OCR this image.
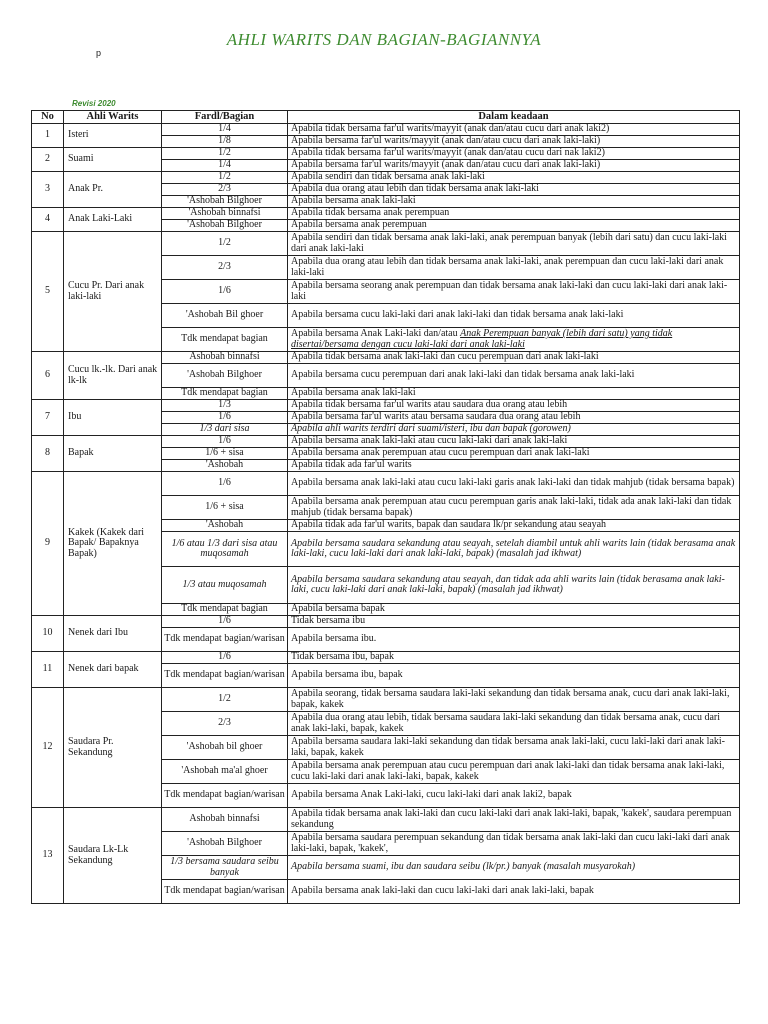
AHLI WARITS DAN BAGIAN-BAGIANNYA
p
Revisi 2020
No	Ahli Warits	Fardl/Bagian	Dalam keadaan
1	Isteri	1/4	Apabila tidak bersama far'ul warits/mayyit (anak dan/atau cucu dari anak laki2)
		1/8	Apabila bersama far'ul warits/mayyit (anak dan/atau cucu dari anak laki-laki)
2	Suami	1/2	Apabila tidak bersama far'ul warits/mayyit (anak dan/atau cucu dari nak laki2)
		1/4	Apabila bersama far'ul warits/mayyit (anak dan/atau cucu dari anak laki-laki)
3	Anak Pr.	1/2	Apabila sendiri dan tidak bersama anak laki-laki
		2/3	Apabila dua orang atau lebih dan tidak bersama anak laki-laki
		'Ashobah Bilghoer	Apabila bersama anak laki-laki
4	Anak Laki-Laki	'Ashobah binnafsi	Apabila tidak bersama anak perempuan
		'Ashobah Bilghoer	Apabila bersama anak perempuan
5	Cucu Pr. Dari anak laki-laki	1/2	Apabila sendiri dan tidak bersama anak laki-laki, anak perempuan banyak (lebih dari satu) dan cucu laki-laki dari anak laki-laki
		2/3	Apabila dua orang atau lebih dan tidak bersama anak laki-laki, anak perempuan dan cucu laki-laki dari anak laki-laki
		1/6	Apabila bersama seorang anak perempuan dan tidak bersama anak laki-laki dan cucu laki-laki dari anak laki-laki
		'Ashobah Bil ghoer	Apabila bersama cucu laki-laki dari anak laki-laki dan tidak bersama anak laki-laki
		Tdk mendapat bagian	Apabila bersama Anak Laki-laki dan/atau Anak Perempuan banyak (lebih dari satu) yang tidak disertai/bersama dengan cucu laki-laki dari anak laki-laki
6	Cucu lk.-lk. Dari anak lk-lk	Ashobah binnafsi	Apabila tidak bersama anak laki-laki dan cucu perempuan dari anak laki-laki
		'Ashobah Bilghoer	Apabila bersama cucu perempuan dari anak laki-laki dan tidak bersama anak laki-laki
		Tdk mendapat bagian	Apabila bersama anak laki-laki
7	Ibu	1/3	Apabila tidak bersama far'ul warits atau saudara dua orang atau lebih
		1/6	Apabila bersama far'ul warits atau bersama saudara dua orang atau lebih
		1/3 dari sisa	Apabila ahli warits terdiri dari suami/isteri, ibu dan bapak (gorowen)
8	Bapak	1/6	Apabila bersama anak laki-laki atau cucu laki-laki dari anak laki-laki
		1/6 + sisa	Apabila bersama anak perempuan atau cucu perempuan dari anak laki-laki
		'Ashobah	Apabila tidak ada far'ul warits
9	Kakek (Kakek dari Bapak/ Bapaknya Bapak)	1/6	Apabila bersama anak laki-laki atau cucu laki-laki garis anak laki-laki dan tidak mahjub (tidak bersama bapak)
		1/6 + sisa	Apabila bersama anak perempuan atau cucu perempuan garis anak laki-laki, tidak ada anak laki-laki dan tidak mahjub (tidak bersama bapak)
		'Ashobah	Apabila tidak ada far'ul warits, bapak dan saudara lk/pr sekandung atau seayah
		1/6 atau 1/3 dari sisa atau muqosamah	Apabila bersama saudara sekandung atau seayah, setelah diambil untuk ahli warits lain (tidak berasama anak laki-laki, cucu laki-laki dari anak laki-laki, bapak) (masalah jad ikhwat)
		1/3 atau muqosamah	Apabila bersama saudara sekandung atau seayah, dan tidak ada ahli warits lain (tidak berasama anak laki-laki, cucu laki-laki dari anak laki-laki, bapak) (masalah jad ikhwat)
		Tdk mendapat bagian	Apabila bersama bapak
10	Nenek dari Ibu	1/6	Tidak bersama ibu
		Tdk mendapat bagian/warisan	Apabila bersama ibu.
11	Nenek dari bapak	1/6	Tidak bersama ibu, bapak
		Tdk mendapat bagian/warisan	Apabila bersama ibu, bapak
12	Saudara Pr. Sekandung	1/2	Apabila seorang, tidak bersama saudara laki-laki sekandung dan tidak bersama anak, cucu dari anak laki-laki, bapak, kakek
		2/3	Apabila dua orang atau lebih, tidak bersama saudara laki-laki sekandung dan tidak bersama anak, cucu dari anak laki-laki, bapak, kakek
		'Ashobah bil ghoer	Apabila bersama saudara laki-laki sekandung dan tidak bersama anak laki-laki, cucu laki-laki dari anak laki-laki, bapak, kakek
		'Ashobah ma'al ghoer	Apabila bersama anak perempuan atau cucu perempuan dari anak laki-laki dan tidak bersama anak laki-laki, cucu laki-laki dari anak laki-laki, bapak, kakek
		Tdk mendapat bagian/warisan	Apabila bersama Anak Laki-laki, cucu laki-laki dari anak laki2, bapak
13	Saudara Lk-Lk Sekandung	Ashobah binnafsi	Apabila tidak bersama anak laki-laki dan cucu laki-laki dari anak laki-laki, bapak, 'kakek', saudara perempuan sekandung
		'Ashobah Bilghoer	Apabila bersama saudara perempuan sekandung dan tidak bersama anak laki-laki dan cucu laki-laki dari anak laki-laki, bapak, 'kakek',
		1/3 bersama saudara seibu banyak	Apabila bersama suami, ibu dan saudara seibu (lk/pr.) banyak (masalah musyarokah)
		Tdk mendapat bagian/warisan	Apabila bersama anak laki-laki dan cucu laki-laki dari anak laki-laki, bapak
